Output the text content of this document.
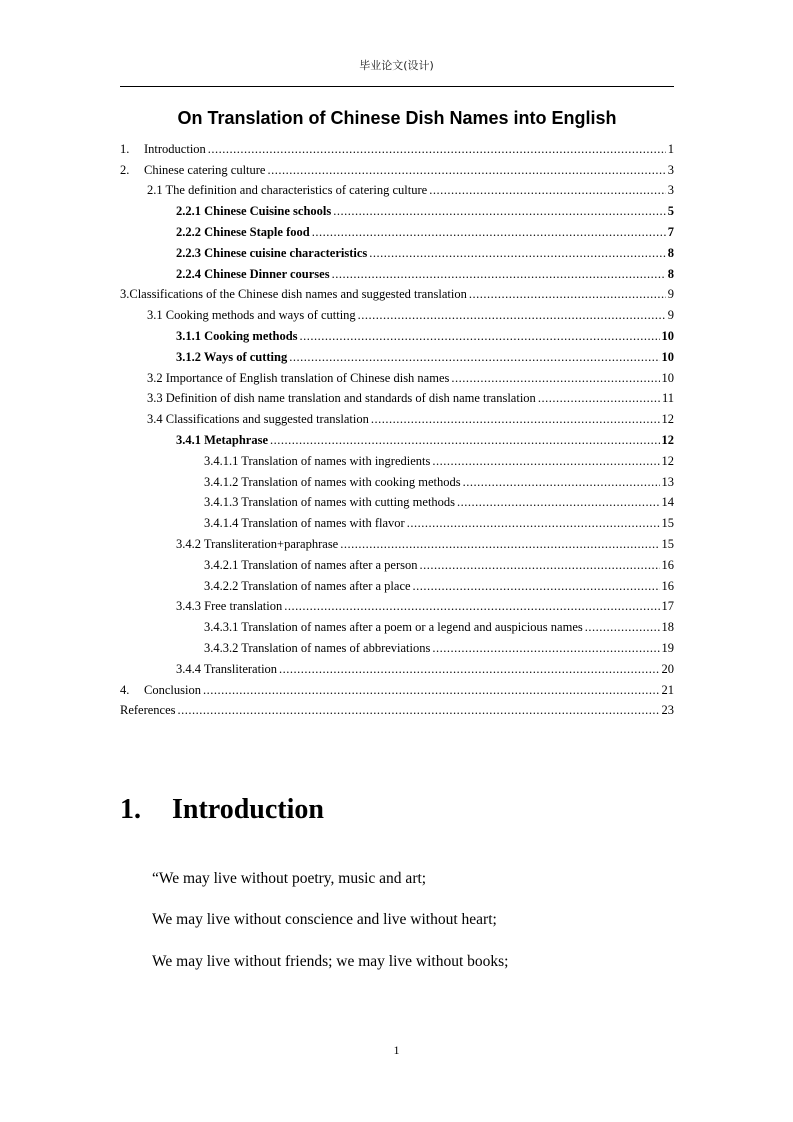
毕业论文(设计)
On Translation of Chinese Dish Names into English
1.	Introduction .....	1
2.	Chinese catering culture .....	3
2.1 The definition and characteristics of catering culture .....	3
2.2.1 Chinese Cuisine schools .....	5
2.2.2 Chinese Staple food .....	7
2.2.3 Chinese cuisine characteristics .....	8
2.2.4 Chinese Dinner courses .....	8
3.Classifications of the Chinese dish names and suggested translation .....	9
3.1 Cooking methods and ways of cutting .....	9
3.1.1 Cooking methods .....	10
3.1.2 Ways of cutting .....	10
3.2 Importance of English translation of Chinese dish names .....	10
3.3 Definition of dish name translation and standards of dish name translation .....	11
3.4 Classifications and suggested translation .....	12
3.4.1 Metaphrase .....	12
3.4.1.1 Translation of names with ingredients .....	12
3.4.1.2 Translation of names with cooking methods .....	13
3.4.1.3 Translation of names with cutting methods .....	14
3.4.1.4 Translation of names with flavor .....	15
3.4.2 Transliteration+paraphrase .....	15
3.4.2.1 Translation of names after a person .....	16
3.4.2.2 Translation of names after a place .....	16
3.4.3 Free translation .....	17
3.4.3.1 Translation of names after a poem or a legend and auspicious names .....	18
3.4.3.2 Translation of names of abbreviations .....	19
3.4.4 Transliteration .....	20
4.	Conclusion .....	21
References .....	23
1. Introduction

“We may live without poetry, music and art;

We may live without conscience and live without heart;

We may live without friends; we may live without books;

1
